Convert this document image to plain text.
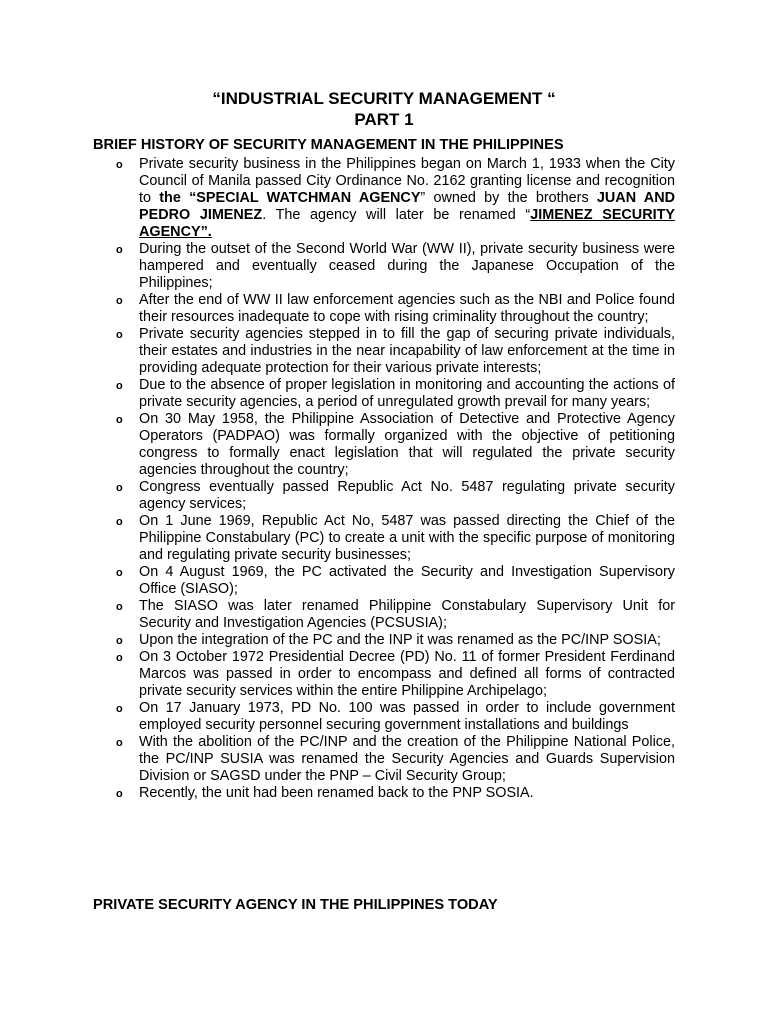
“INDUSTRIAL SECURITY MANAGEMENT “
PART 1
BRIEF HISTORY OF SECURITY MANAGEMENT IN THE PHILIPPINES
o Private security business in the Philippines began on March 1, 1933 when the City Council of Manila passed City Ordinance No. 2162 granting license and recognition to the “SPECIAL WATCHMAN AGENCY” owned by the brothers JUAN AND PEDRO JIMENEZ. The agency will later be renamed “JIMENEZ SECURITY AGENCY”.
o During the outset of the Second World War (WW II), private security business were hampered and eventually ceased during the Japanese Occupation of the Philippines;
o After the end of WW II law enforcement agencies such as the NBI and Police found their resources inadequate to cope with rising criminality throughout the country;
o Private security agencies stepped in to fill the gap of securing private individuals, their estates and industries in the near incapability of law enforcement at the time in providing adequate protection for their various private interests;
o Due to the absence of proper legislation in monitoring and accounting the actions of private security agencies, a period of unregulated growth prevail for many years;
o On 30 May 1958, the Philippine Association of Detective and Protective Agency Operators (PADPAO) was formally organized with the objective of petitioning congress to formally enact legislation that will regulated the private security agencies throughout the country;
o Congress eventually passed Republic Act No. 5487 regulating private security agency services;
o On 1 June 1969, Republic Act No, 5487 was passed directing the Chief of the Philippine Constabulary (PC) to create a unit with the specific purpose of monitoring and regulating private security businesses;
o On 4 August 1969, the PC activated the Security and Investigation Supervisory Office (SIASO);
o The SIASO was later renamed Philippine Constabulary Supervisory Unit for Security and Investigation Agencies (PCSUSIA);
o Upon the integration of the PC and the INP it was renamed as the PC/INP SOSIA;
o On 3 October 1972 Presidential Decree (PD) No. 11 of former President Ferdinand Marcos was passed in order to encompass and defined all forms of contracted private security services within the entire Philippine Archipelago;
o On 17 January 1973, PD No. 100 was passed in order to include government employed security personnel securing government installations and buildings
o With the abolition of the PC/INP and the creation of the Philippine National Police, the PC/INP SUSIA was renamed the Security Agencies and Guards Supervision Division or SAGSD under the PNP – Civil Security Group;
o Recently, the unit had been renamed back to the PNP SOSIA.
PRIVATE SECURITY AGENCY IN THE PHILIPPINES TODAY
